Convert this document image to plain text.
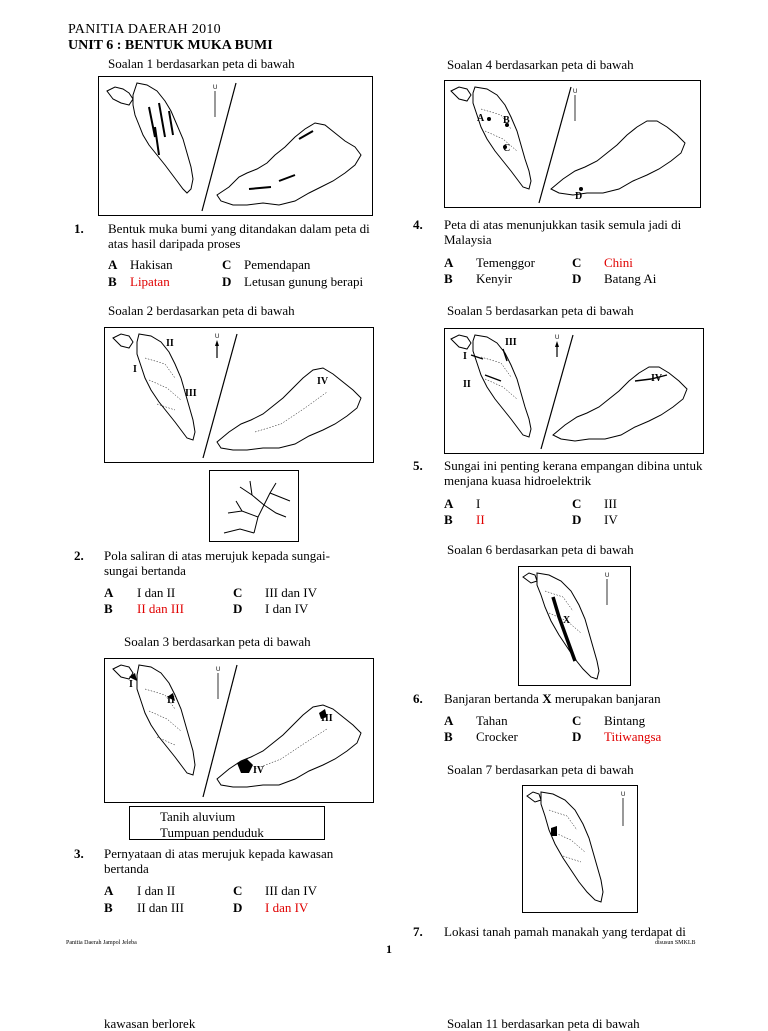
PANITIA DAERAH 2010
UNIT 6 : BENTUK MUKA BUMI
Soalan 1 berdasarkan peta di bawah
U
1. Bentuk muka bumi yang ditandakan dalam peta di atas hasil daripada proses
A Hakisan	C Pemendapan
B Lipatan	D Letusan gunung berapi
Soalan 2 berdasarkan peta di bawah
II
I
III
IV
U
2. Pola saliran di atas merujuk kepada sungai-sungai bertanda
A I dan II	C III dan IV
B II dan III	D I dan IV
Soalan 3 berdasarkan peta di bawah
I
II
III
IV
U
Tanih aluvium
Tumpuan penduduk
3. Pernyataan di atas merujuk kepada kawasan bertanda
A I dan II	C III dan IV
B II dan III	D I dan IV
Soalan 4 berdasarkan peta di bawah
A B
C
D
U
4. Peta di atas menunjukkan tasik semula jadi di Malaysia
A Temenggor	C Chini
B Kenyir	D Batang Ai
Soalan 5 berdasarkan peta di bawah
III
I
II
IV
U
5. Sungai ini penting kerana empangan dibina untuk menjana kuasa hidroelektrik
A I	C III
B II	D IV
Soalan 6 berdasarkan peta di bawah
X
U
6. Banjaran bertanda X merupakan banjaran
A Tahan	C Bintang
B Crocker	D Titiwangsa
Soalan 7 berdasarkan peta di bawah
U
7. Lokasi tanah pamah manakah yang terdapat di
Panitia Daerah Jampol Jeleba	1	disusun SMKLB
kawasan berlorek	Soalan 11 berdasarkan peta di bawah
